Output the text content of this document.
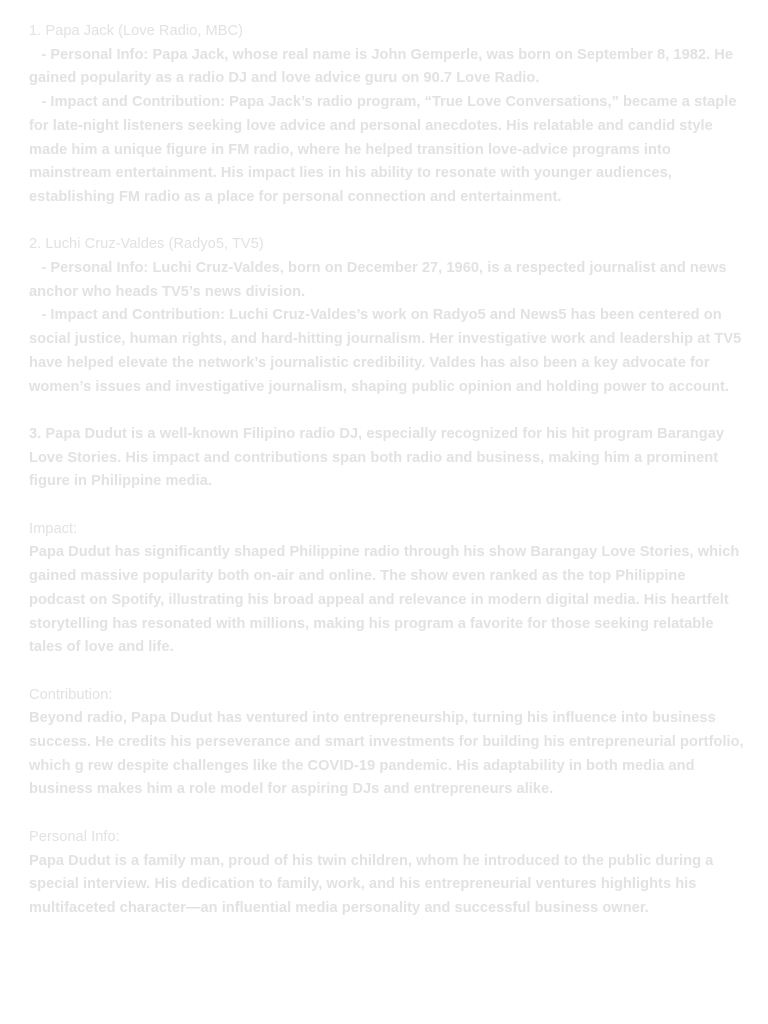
1. Papa Jack (Love Radio, MBC)

- Personal Info: Papa Jack, whose real name is John Gemperle, was born on September 8, 1982. He gained popularity as a radio DJ and love advice guru on 90.7 Love Radio.

- Impact and Contribution: Papa Jack’s radio program, “True Love Conversations,” became a staple for late-night listeners seeking love advice and personal anecdotes. His relatable and candid style made him a unique figure in FM radio, where he helped transition love-advice programs into mainstream entertainment. His impact lies in his ability to resonate with younger audiences, establishing FM radio as a place for personal connection and entertainment.

2. Luchi Cruz-Valdes (Radyo5, TV5)

- Personal Info: Luchi Cruz-Valdes, born on December 27, 1960, is a respected journalist and news anchor who heads TV5’s news division.

- Impact and Contribution: Luchi Cruz-Valdes’s work on Radyo5 and News5 has been centered on social justice, human rights, and hard-hitting journalism. Her investigative work and leadership at TV5 have helped elevate the network’s journalistic credibility. Valdes has also been a key advocate for women’s issues and investigative journalism, shaping public opinion and holding power to account.

3. Papa Dudut is a well-known Filipino radio DJ, especially recognized for his hit program Barangay Love Stories. His impact and contributions span both radio and business, making him a prominent figure in Philippine media.

Impact:

Papa Dudut has significantly shaped Philippine radio through his show Barangay Love Stories, which gained massive popularity both on-air and online. The show even ranked as the top Philippine podcast on Spotify, illustrating his broad appeal and relevance in modern digital media. His heartfelt storytelling has resonated with millions, making his program a favorite for those seeking relatable tales of love and life.

Contribution:

Beyond radio, Papa Dudut has ventured into entrepreneurship, turning his influence into business success. He credits his perseverance and smart investments for building his entrepreneurial portfolio, which g rew despite challenges like the COVID-19 pandemic. His adaptability in both media and business makes him a role model for aspiring DJs and entrepreneurs alike.

Personal Info:

Papa Dudut is a family man, proud of his twin children, whom he introduced to the public during a special interview. His dedication to family, work, and his entrepreneurial ventures highlights his multifaceted character—an influential media personality and successful business owner.
